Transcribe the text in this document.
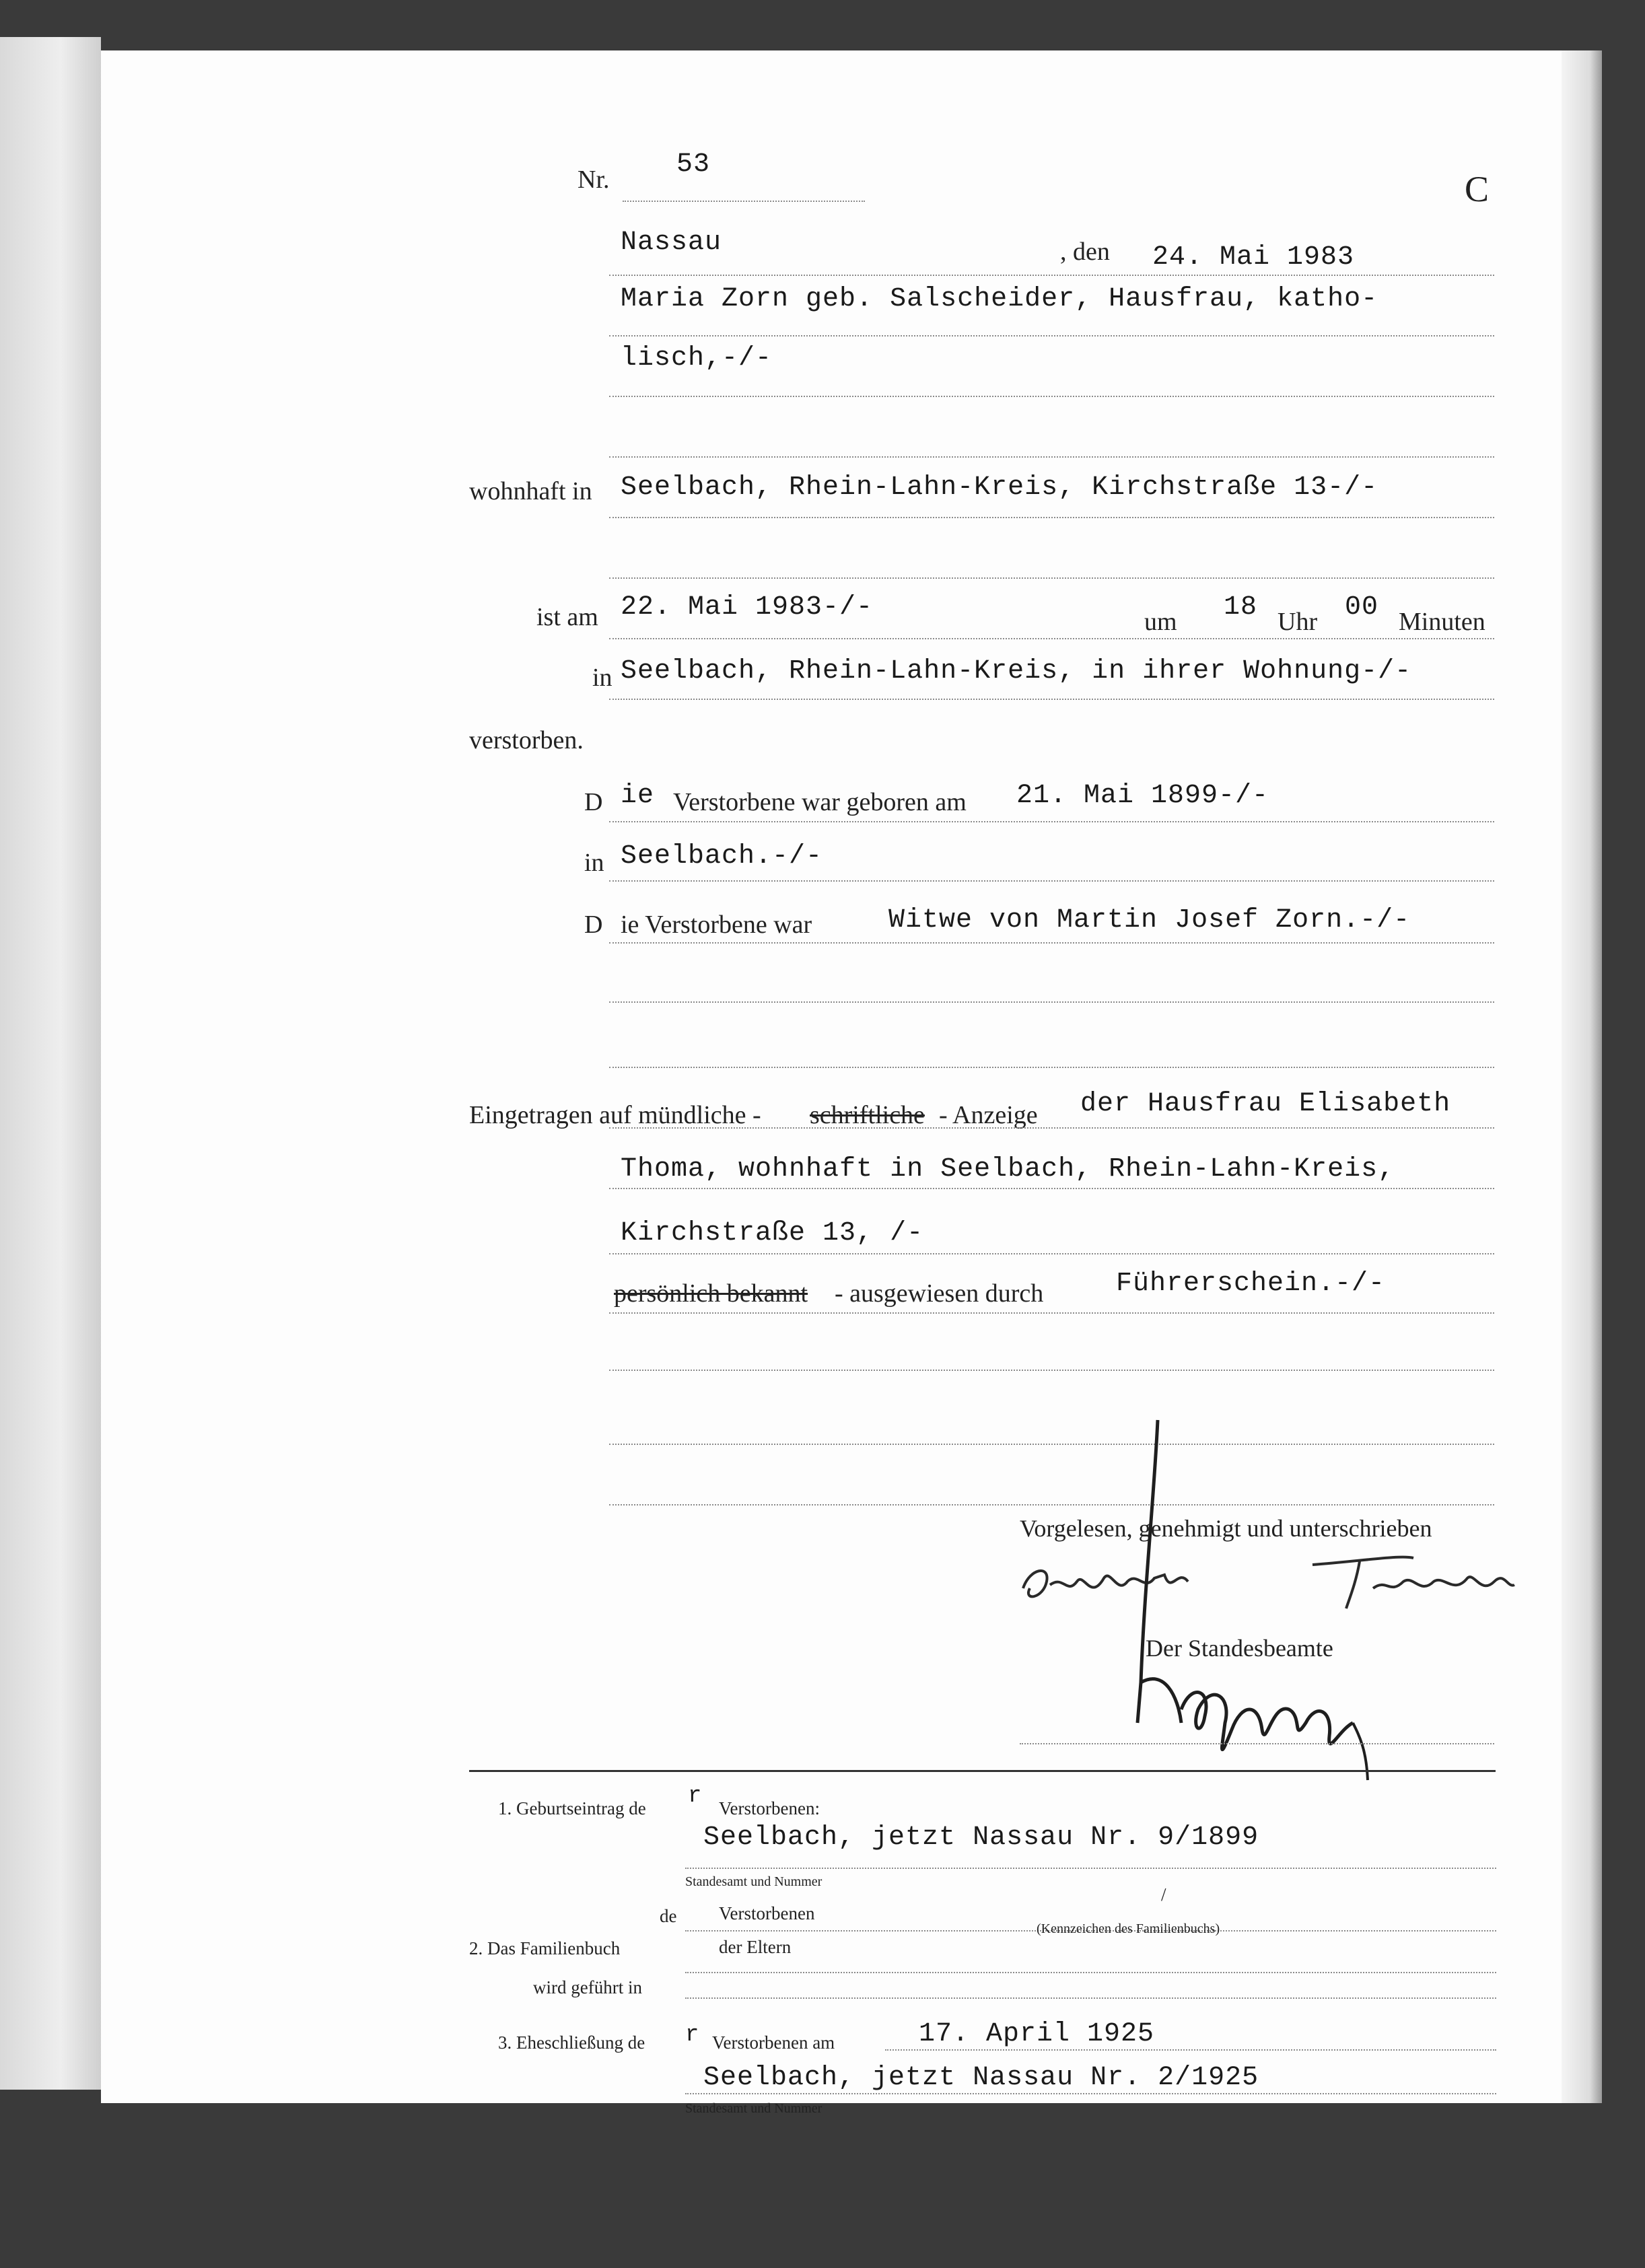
Nr. 53
C
Nassau	, den 24. Mai 1983
Maria Zorn geb. Salscheider, Hausfrau, katho-
lisch,-/-
wohnhaft in Seelbach, Rhein-Lahn-Kreis, Kirchstraße 13-/-
ist am 22. Mai 1983-/-	um 18 Uhr 00 Minuten
in Seelbach, Rhein-Lahn-Kreis, in ihrer Wohnung-/-
verstorben.
D ie Verstorbene war geboren am 21. Mai 1899-/-
in Seelbach.-/-
D ie Verstorbene war	Witwe von Martin Josef Zorn.-/-
Eingetragen auf mündliche - schriftliche - Anzeige der Hausfrau Elisabeth
Thoma, wohnhaft in Seelbach, Rhein-Lahn-Kreis,
Kirchstraße 13, /-
persönlich bekannt - ausgewiesen durch	Führerschein.-/-
Vorgelesen, genehmigt und unterschrieben
Der Standesbeamte
1. Geburtseintrag de r Verstorbenen:
Seelbach, jetzt Nassau Nr. 9/1899
Standesamt und Nummer
/
de Verstorbenen
2. Das Familienbuch	der Eltern
(Kennzeichen des Familienbuchs)
wird geführt in
3. Eheschließung de r Verstorbenen am	17. April 1925
Seelbach, jetzt Nassau Nr. 2/1925
Standesamt und Nummer
